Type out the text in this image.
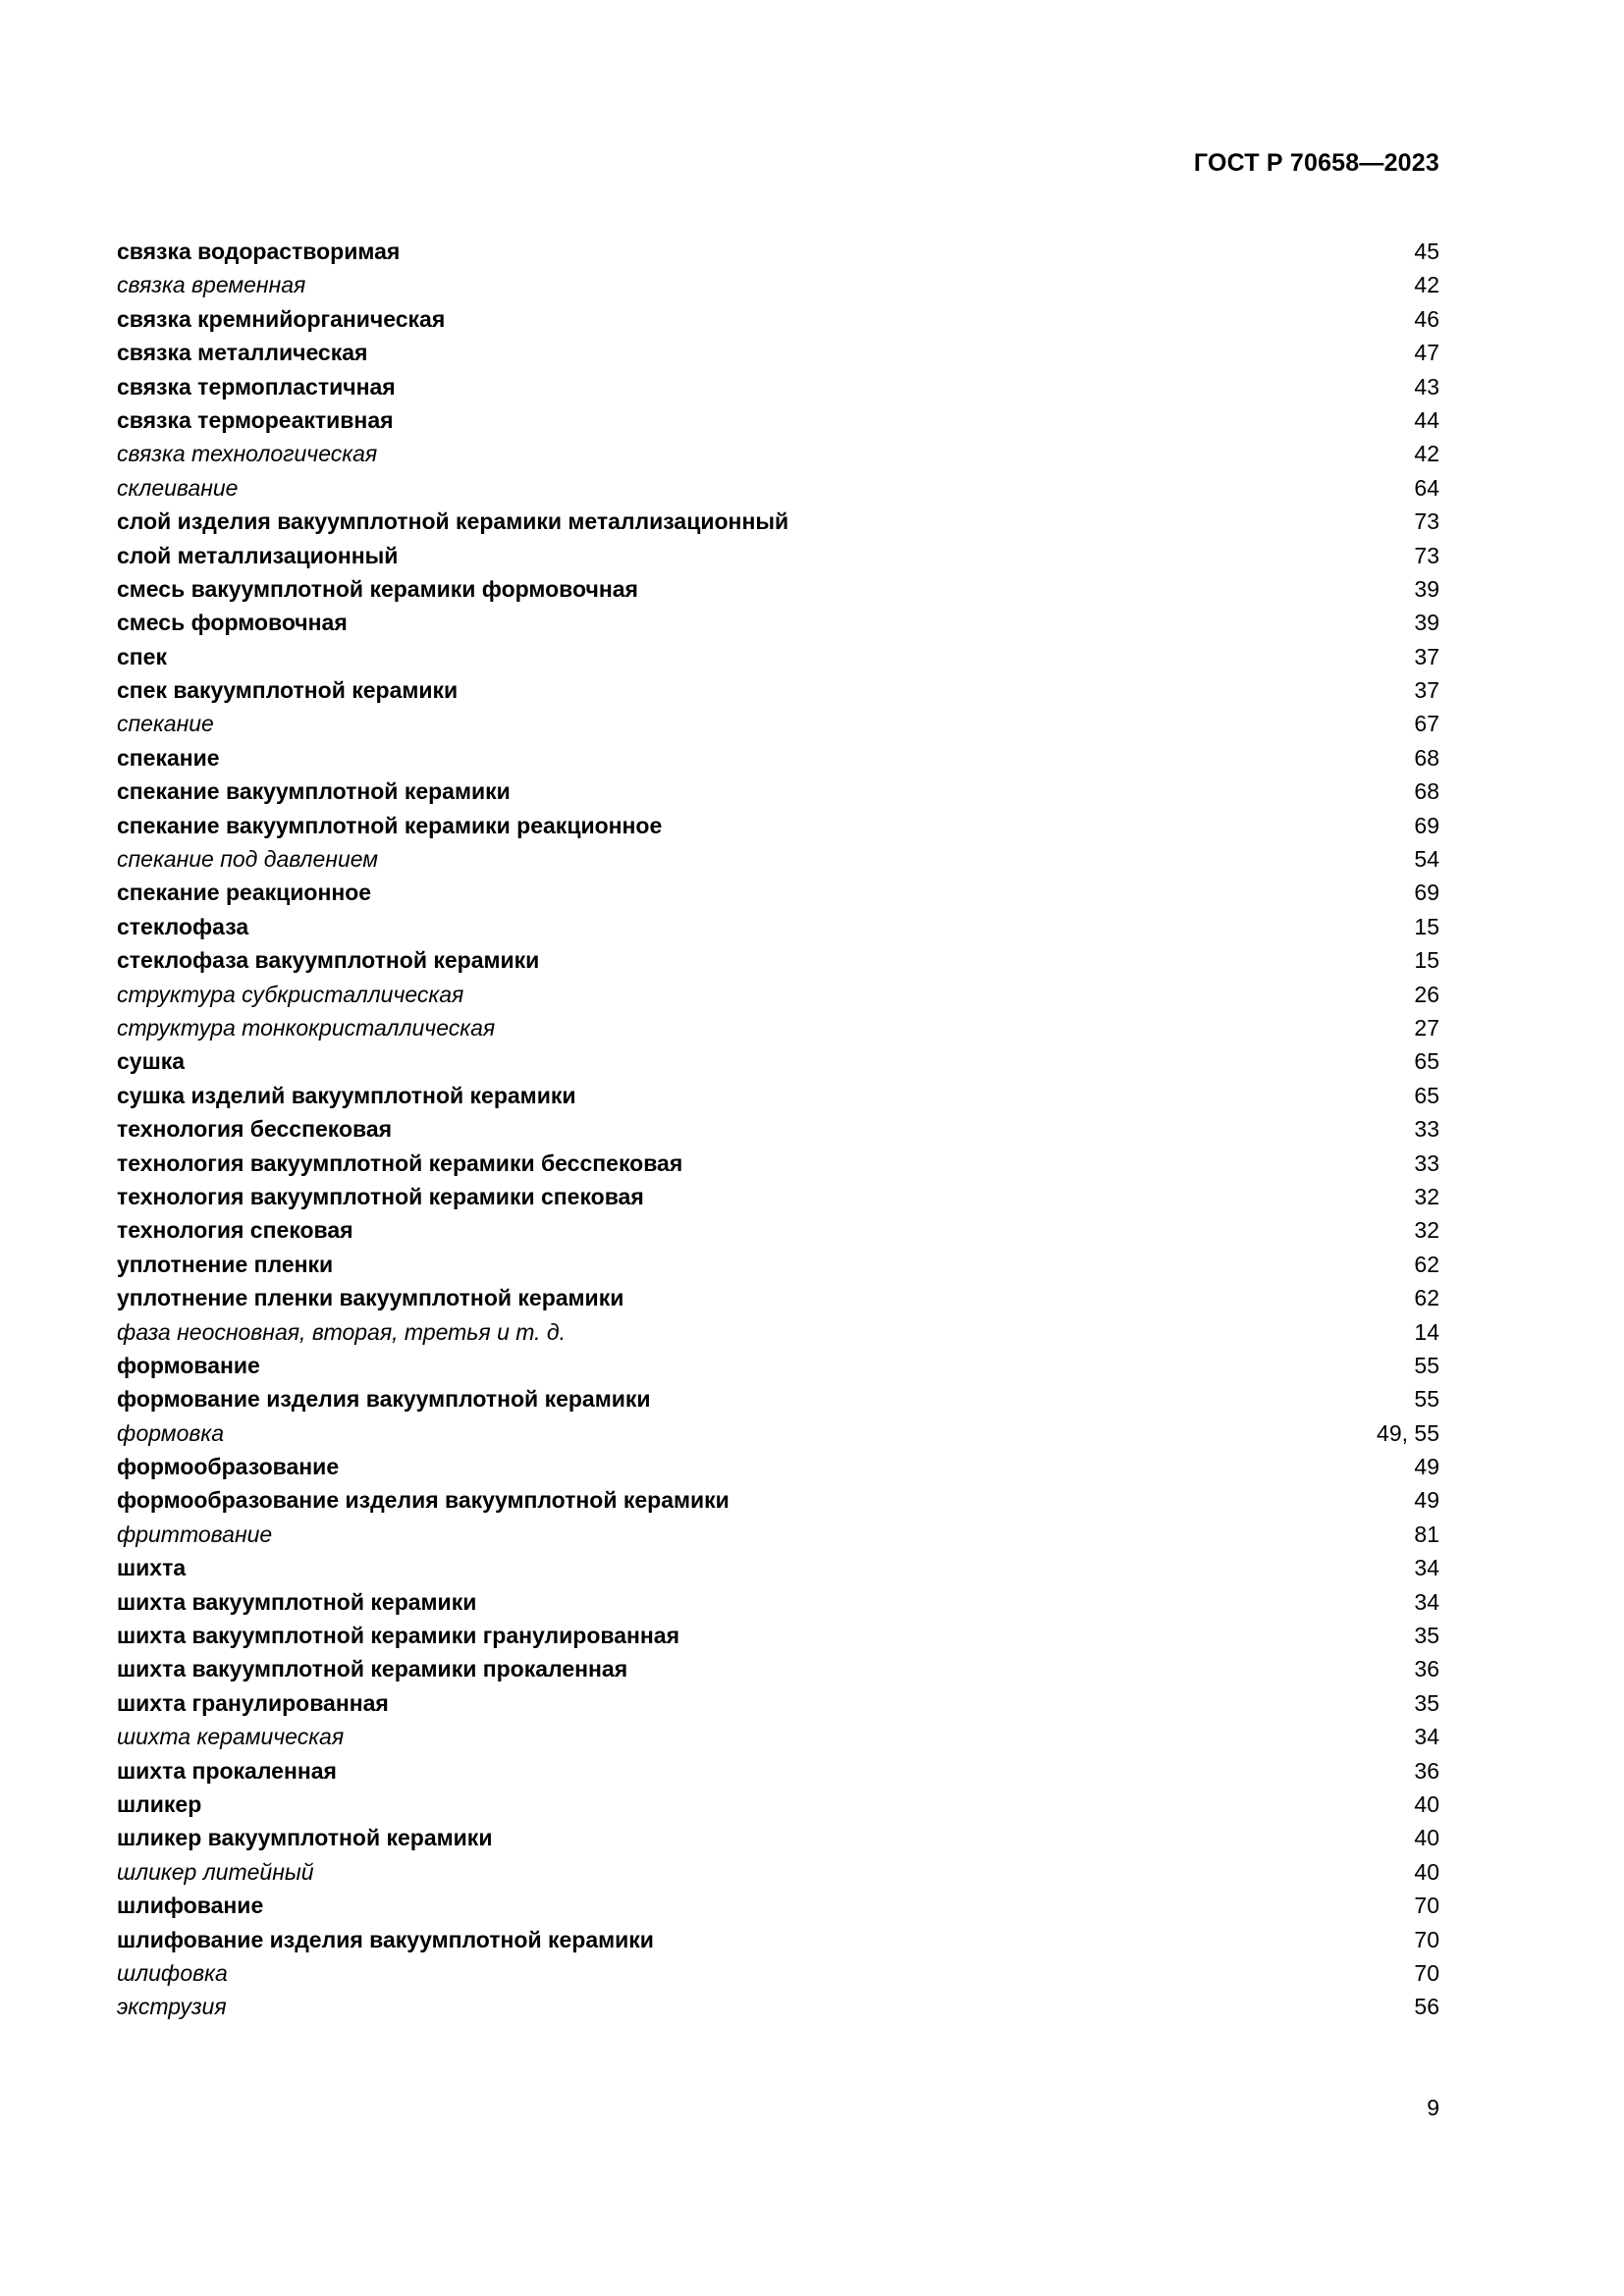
ГОСТ Р 70658—2023
связка водорастворимая	45
связка временная	42
связка кремнийорганическая	46
связка металлическая	47
связка термопластичная	43
связка термореактивная	44
связка технологическая	42
склеивание	64
слой изделия вакуумплотной керамики металлизационный	73
слой металлизационный	73
смесь вакуумплотной керамики формовочная	39
смесь формовочная	39
спек	37
спек вакуумплотной керамики	37
спекание	67
спекание	68
спекание вакуумплотной керамики	68
спекание вакуумплотной керамики реакционное	69
спекание под давлением	54
спекание реакционное	69
стеклофаза	15
стеклофаза вакуумплотной керамики	15
структура субкристаллическая	26
структура тонкокристаллическая	27
сушка	65
сушка изделий вакуумплотной керамики	65
технология бесспековая	33
технология вакуумплотной керамики бесспековая	33
технология вакуумплотной керамики спековая	32
технология спековая	32
уплотнение пленки	62
уплотнение пленки вакуумплотной керамики	62
фаза неосновная, вторая, третья и т. д.	14
формование	55
формование изделия вакуумплотной керамики	55
формовка	49, 55
формообразование	49
формообразование изделия вакуумплотной керамики	49
фриттование	81
шихта	34
шихта вакуумплотной керамики	34
шихта вакуумплотной керамики гранулированная	35
шихта вакуумплотной керамики прокаленная	36
шихта гранулированная	35
шихта керамическая	34
шихта прокаленная	36
шликер	40
шликер вакуумплотной керамики	40
шликер литейный	40
шлифование	70
шлифование изделия вакуумплотной керамики	70
шлифовка	70
экструзия	56
9
